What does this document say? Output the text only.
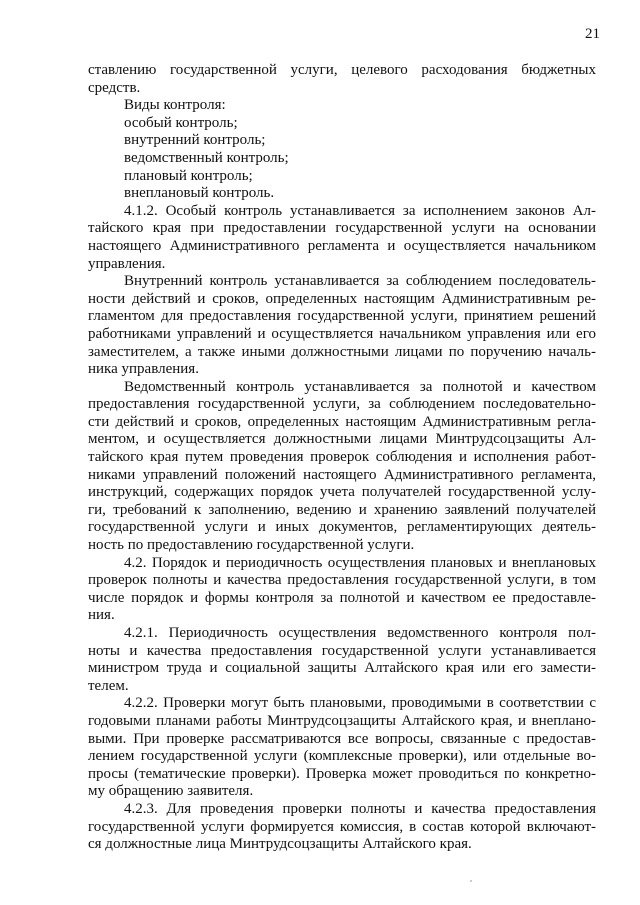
21
ставлению государственной услуги, целевого расходования бюджетных
средств.
Виды контроля:
особый контроль;
внутренний контроль;
ведомственный контроль;
плановый контроль;
внеплановый контроль.
4.1.2. Особый контроль устанавливается за исполнением законов Ал-
тайского края при предоставлении государственной услуги на основании
настоящего Административного регламента и осуществляется начальником
управления.
Внутренний контроль устанавливается за соблюдением последователь-
ности действий и сроков, определенных настоящим Административным ре-
гламентом для предоставления государственной услуги, принятием решений
работниками управлений и осуществляется начальником управления или его
заместителем, а также иными должностными лицами по поручению началь-
ника управления.
Ведомственный контроль устанавливается за полнотой и качеством
предоставления государственной услуги, за соблюдением последовательно-
сти действий и сроков, определенных настоящим Административным регла-
ментом, и осуществляется должностными лицами Минтрудсоцзащиты Ал-
тайского края путем проведения проверок соблюдения и исполнения работ-
никами управлений положений настоящего Административного регламента,
инструкций, содержащих порядок учета получателей государственной услу-
ги, требований к заполнению, ведению и хранению заявлений получателей
государственной услуги и иных документов, регламентирующих деятель-
ность по предоставлению государственной услуги.
4.2. Порядок и периодичность осуществления плановых и внеплановых
проверок полноты и качества предоставления государственной услуги, в том
числе порядок и формы контроля за полнотой и качеством ее предоставле-
ния.
4.2.1. Периодичность осуществления ведомственного контроля пол-
ноты и качества предоставления государственной услуги устанавливается
министром труда и социальной защиты Алтайского края или его замести-
телем.
4.2.2. Проверки могут быть плановыми, проводимыми в соответствии с
годовыми планами работы Минтрудсоцзащиты Алтайского края, и внеплано-
выми. При проверке рассматриваются все вопросы, связанные с предостав-
лением государственной услуги (комплексные проверки), или отдельные во-
просы (тематические проверки). Проверка может проводиться по конкретно-
му обращению заявителя.
4.2.3. Для проведения проверки полноты и качества предоставления
государственной услуги формируется комиссия, в состав которой включают-
ся должностные лица Минтрудсоцзащиты Алтайского края.
